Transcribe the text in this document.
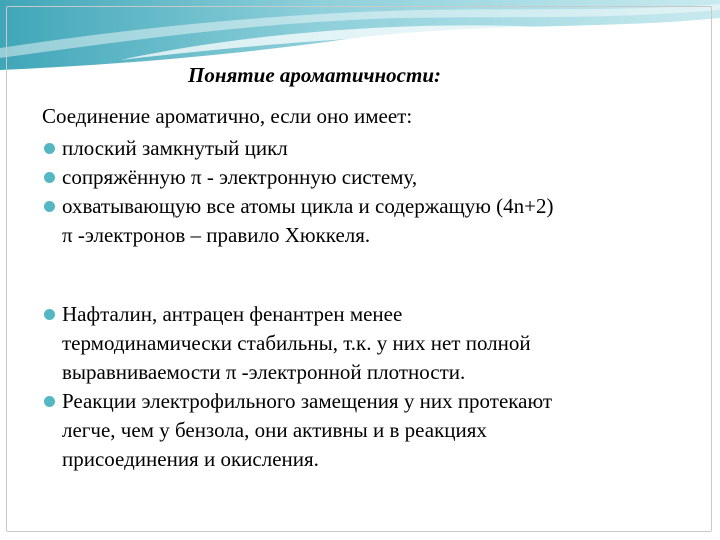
Понятие ароматичности:
Соединение ароматично, если оно имеет:
плоский замкнутый цикл
сопряжённую π - электронную систему,
охватывающую все атомы цикла и содержащую (4n+2)
π -электронов – правило Хюккеля.
Нафталин, антрацен фенантрен менее
термодинамически стабильны, т.к. у них нет полной
выравниваемости π -электронной плотности.
Реакции электрофильного замещения у них протекают
легче, чем у бензола, они активны и в реакциях
присоединения и окисления.
